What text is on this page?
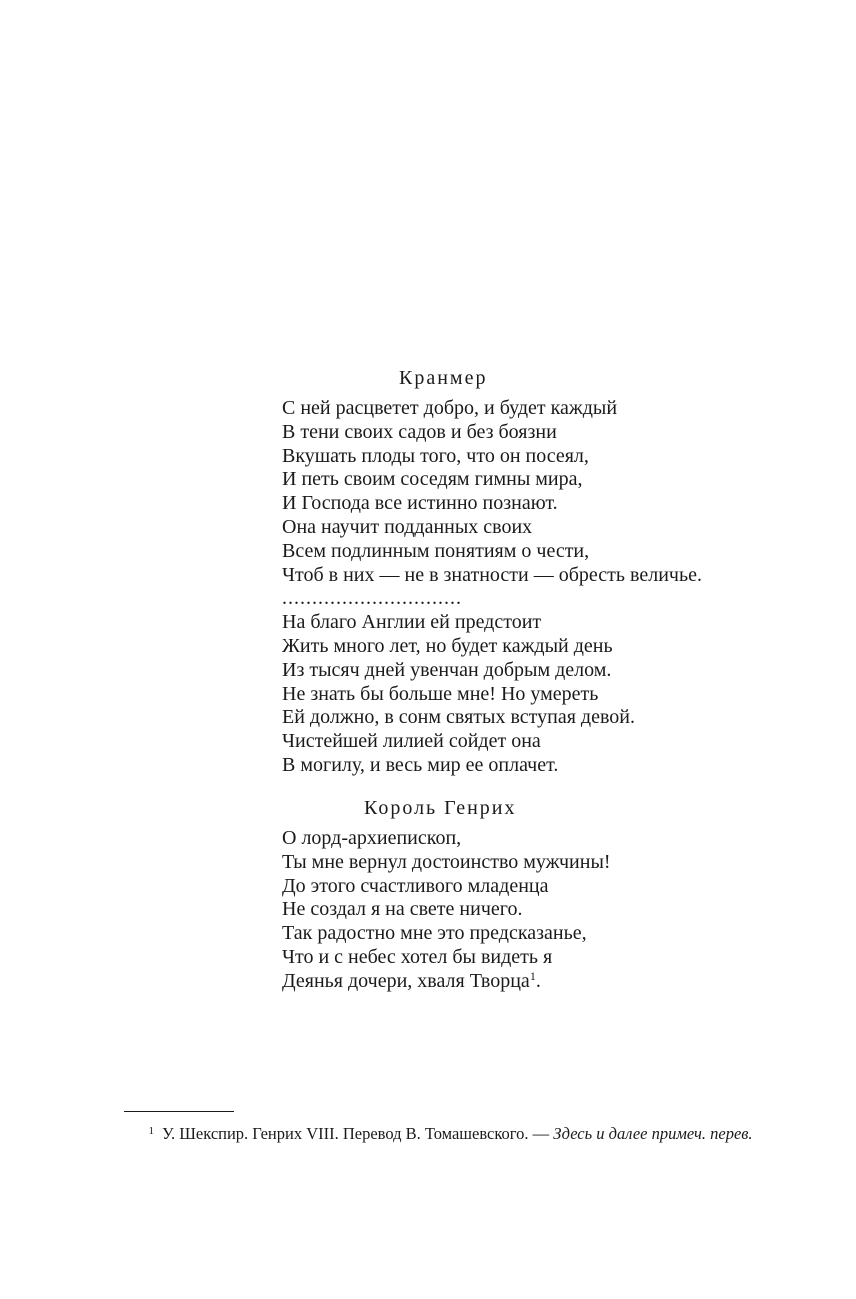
Кранмер
С ней расцветет добро, и будет каждый
В тени своих садов и без боязни
Вкушать плоды того, что он посеял,
И петь своим соседям гимны мира,
И Господа все истинно познают.
Она научит подданных своих
Всем подлинным понятиям о чести,
Чтоб в них — не в знатности — обресть величье.
..............................
На благо Англии ей предстоит
Жить много лет, но будет каждый день
Из тысяч дней увенчан добрым делом.
Не знать бы больше мне! Но умереть
Ей должно, в сонм святых вступая девой.
Чистейшей лилией сойдет она
В могилу, и весь мир ее оплачет.
Король Генрих
О лорд-архиепископ,
Ты мне вернул достоинство мужчины!
До этого счастливого младенца
Не создал я на свете ничего.
Так радостно мне это предсказанье,
Что и с небес хотел бы видеть я
Деянья дочери, хваля Творца$^1$.
1 У. Шекспир. Генрих VIII. Перевод В. Томашевского. — Здесь и далее примеч. перев.
